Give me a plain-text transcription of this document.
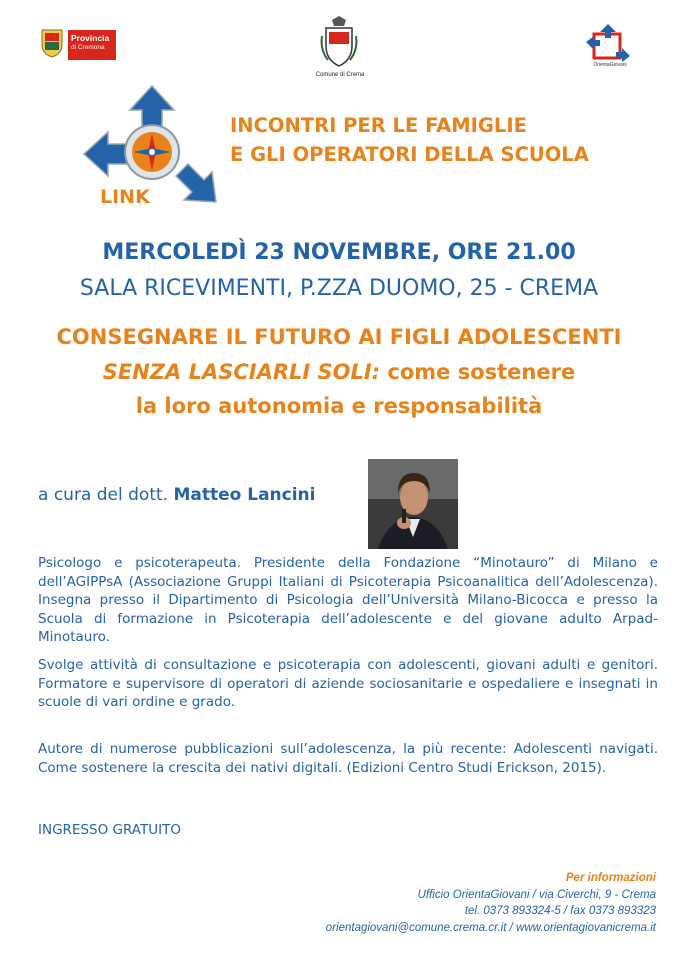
Provincia
di Cremona
Comune di Crema
OrientaGiovani
LINK
INCONTRI PER LE FAMIGLIE
E GLI OPERATORI DELLA SCUOLA
MERCOLEDÌ 23 NOVEMBRE, ORE 21.00
SALA RICEVIMENTI, P.ZZA DUOMO, 25 - CREMA
CONSEGNARE IL FUTURO AI FIGLI ADOLESCENTI
SENZA LASCIARLI SOLI: come sostenere
la loro autonomia e responsabilità
a cura del dott. Matteo Lancini
Psicologo e psicoterapeuta. Presidente della Fondazione “Minotauro” di Milano e dell’AGIPPsA (Associazione Gruppi Italiani di Psicoterapia Psicoanalitica dell’Adolescenza). Insegna presso il Dipartimento di Psicologia dell’Università Milano-Bicocca e presso la Scuola di formazione in Psicoterapia dell’adolescente e del giovane adulto Arpad-Minotauro.
Svolge attività di consultazione e psicoterapia con adolescenti, giovani adulti e genitori. Formatore e supervisore di operatori di aziende sociosanitarie e ospedaliere e insegnati in scuole di vari ordine e grado.
Autore di numerose pubblicazioni sull’adolescenza, la più recente: Adolescenti navigati. Come sostenere la crescita dei nativi digitali. (Edizioni Centro Studi Erickson, 2015).
INGRESSO GRATUITO
Per informazioni
Ufficio OrientaGiovani / via Civerchi, 9 - Crema
tel. 0373 893324-5 / fax 0373 893323
orientagiovani@comune.crema.cr.it / www.orientagiovanicrema.it
